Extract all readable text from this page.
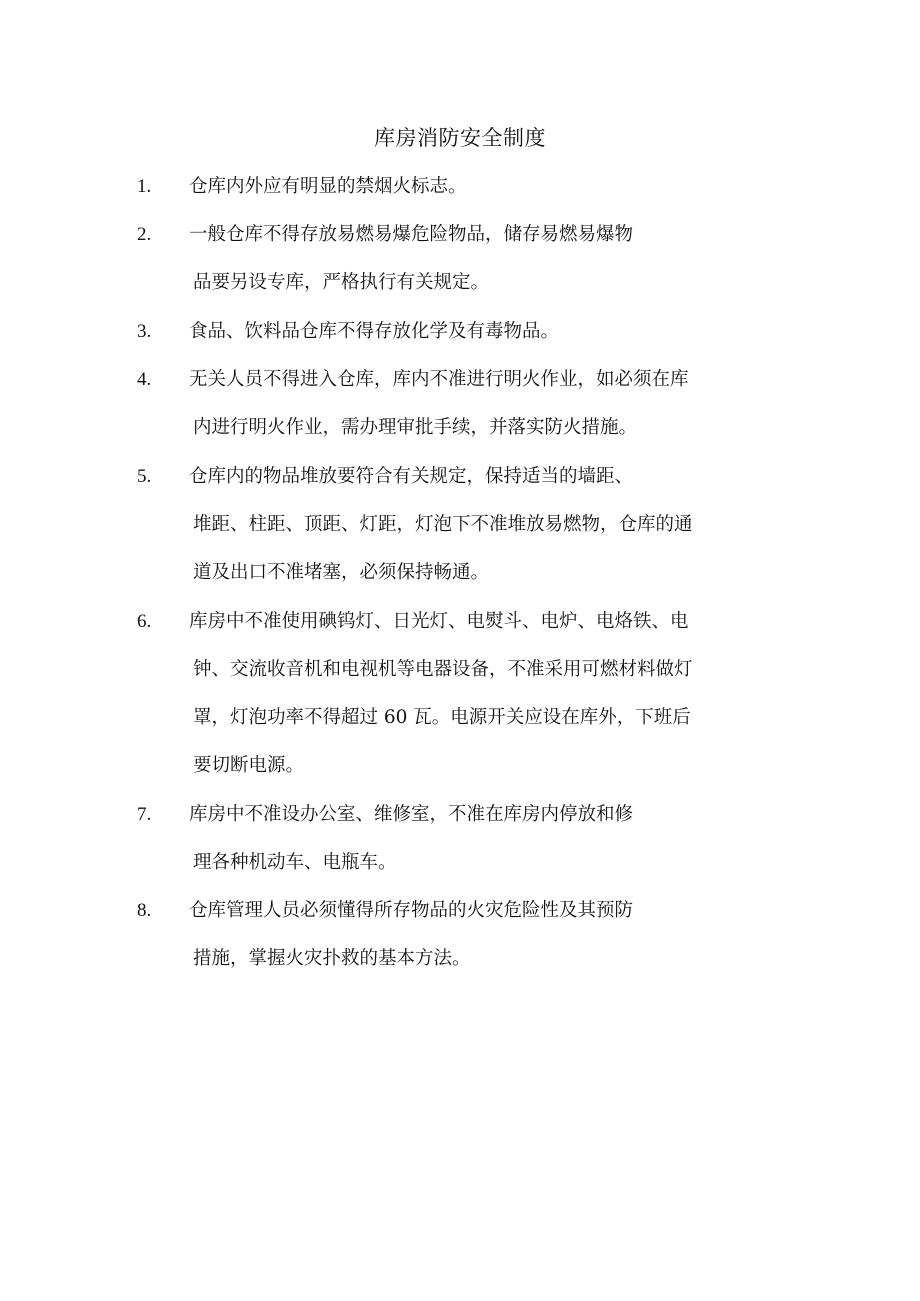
库房消防安全制度
1. 仓库内外应有明显的禁烟火标志。
2. 一般仓库不得存放易燃易爆危险物品，储存易燃易爆物
品要另设专库，严格执行有关规定。
3. 食品、饮料品仓库不得存放化学及有毒物品。
4. 无关人员不得进入仓库，库内不准进行明火作业，如必须在库
内进行明火作业，需办理审批手续，并落实防火措施。
5. 仓库内的物品堆放要符合有关规定，保持适当的墙距、
堆距、柱距、顶距、灯距，灯泡下不准堆放易燃物，仓库的通
道及出口不准堵塞，必须保持畅通。
6. 库房中不准使用碘钨灯、日光灯、电熨斗、电炉、电烙铁、电
钟、交流收音机和电视机等电器设备，不准采用可燃材料做灯
罩，灯泡功率不得超过 60 瓦。电源开关应设在库外，下班后
要切断电源。
7. 库房中不准设办公室、维修室，不准在库房内停放和修
理各种机动车、电瓶车。
8. 仓库管理人员必须懂得所存物品的火灾危险性及其预防
措施，掌握火灾扑救的基本方法。
